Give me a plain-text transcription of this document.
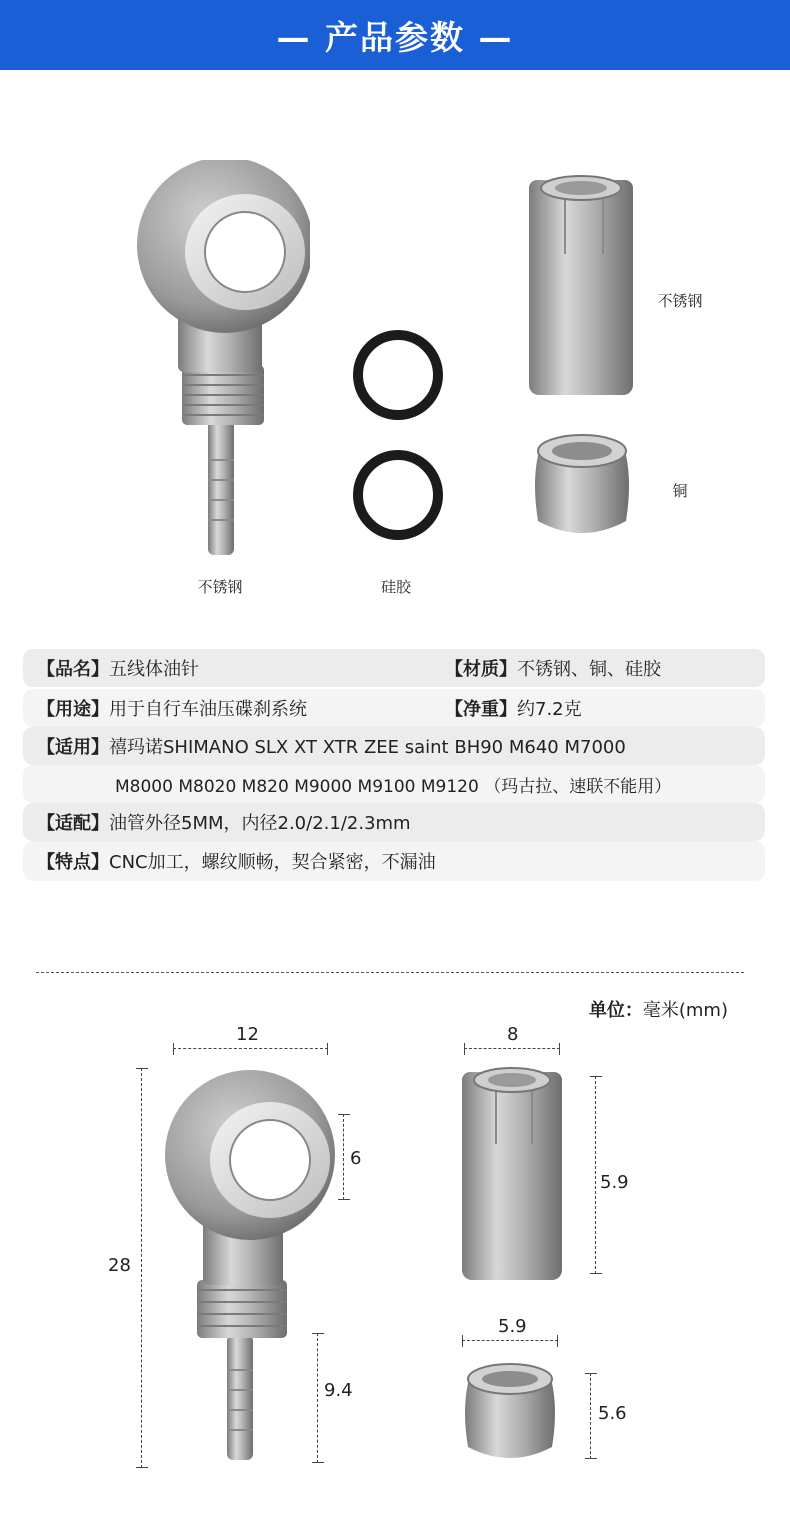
— 产品参数 —
不锈钢	硅胶
不锈钢
铜
【品名】 五线体油针	【材质】 不锈钢、铜、硅胶
【用途】 用于自行车油压碟刹系统	【净重】 约7.2克
【适用】 禧玛诺SHIMANO SLX XT XTR ZEE saint BH90 M640 M7000
M8000 M8020 M820 M9000 M9100 M9120 （玛古拉、速联不能用）
【适配】 油管外径5MM，内径2.0/2.1/2.3mm
【特点】 CNC加工，螺纹顺畅，契合紧密，不漏油
单位：毫米(mm)
12
6
28
9.4
8
5.9
5.9
5.6
